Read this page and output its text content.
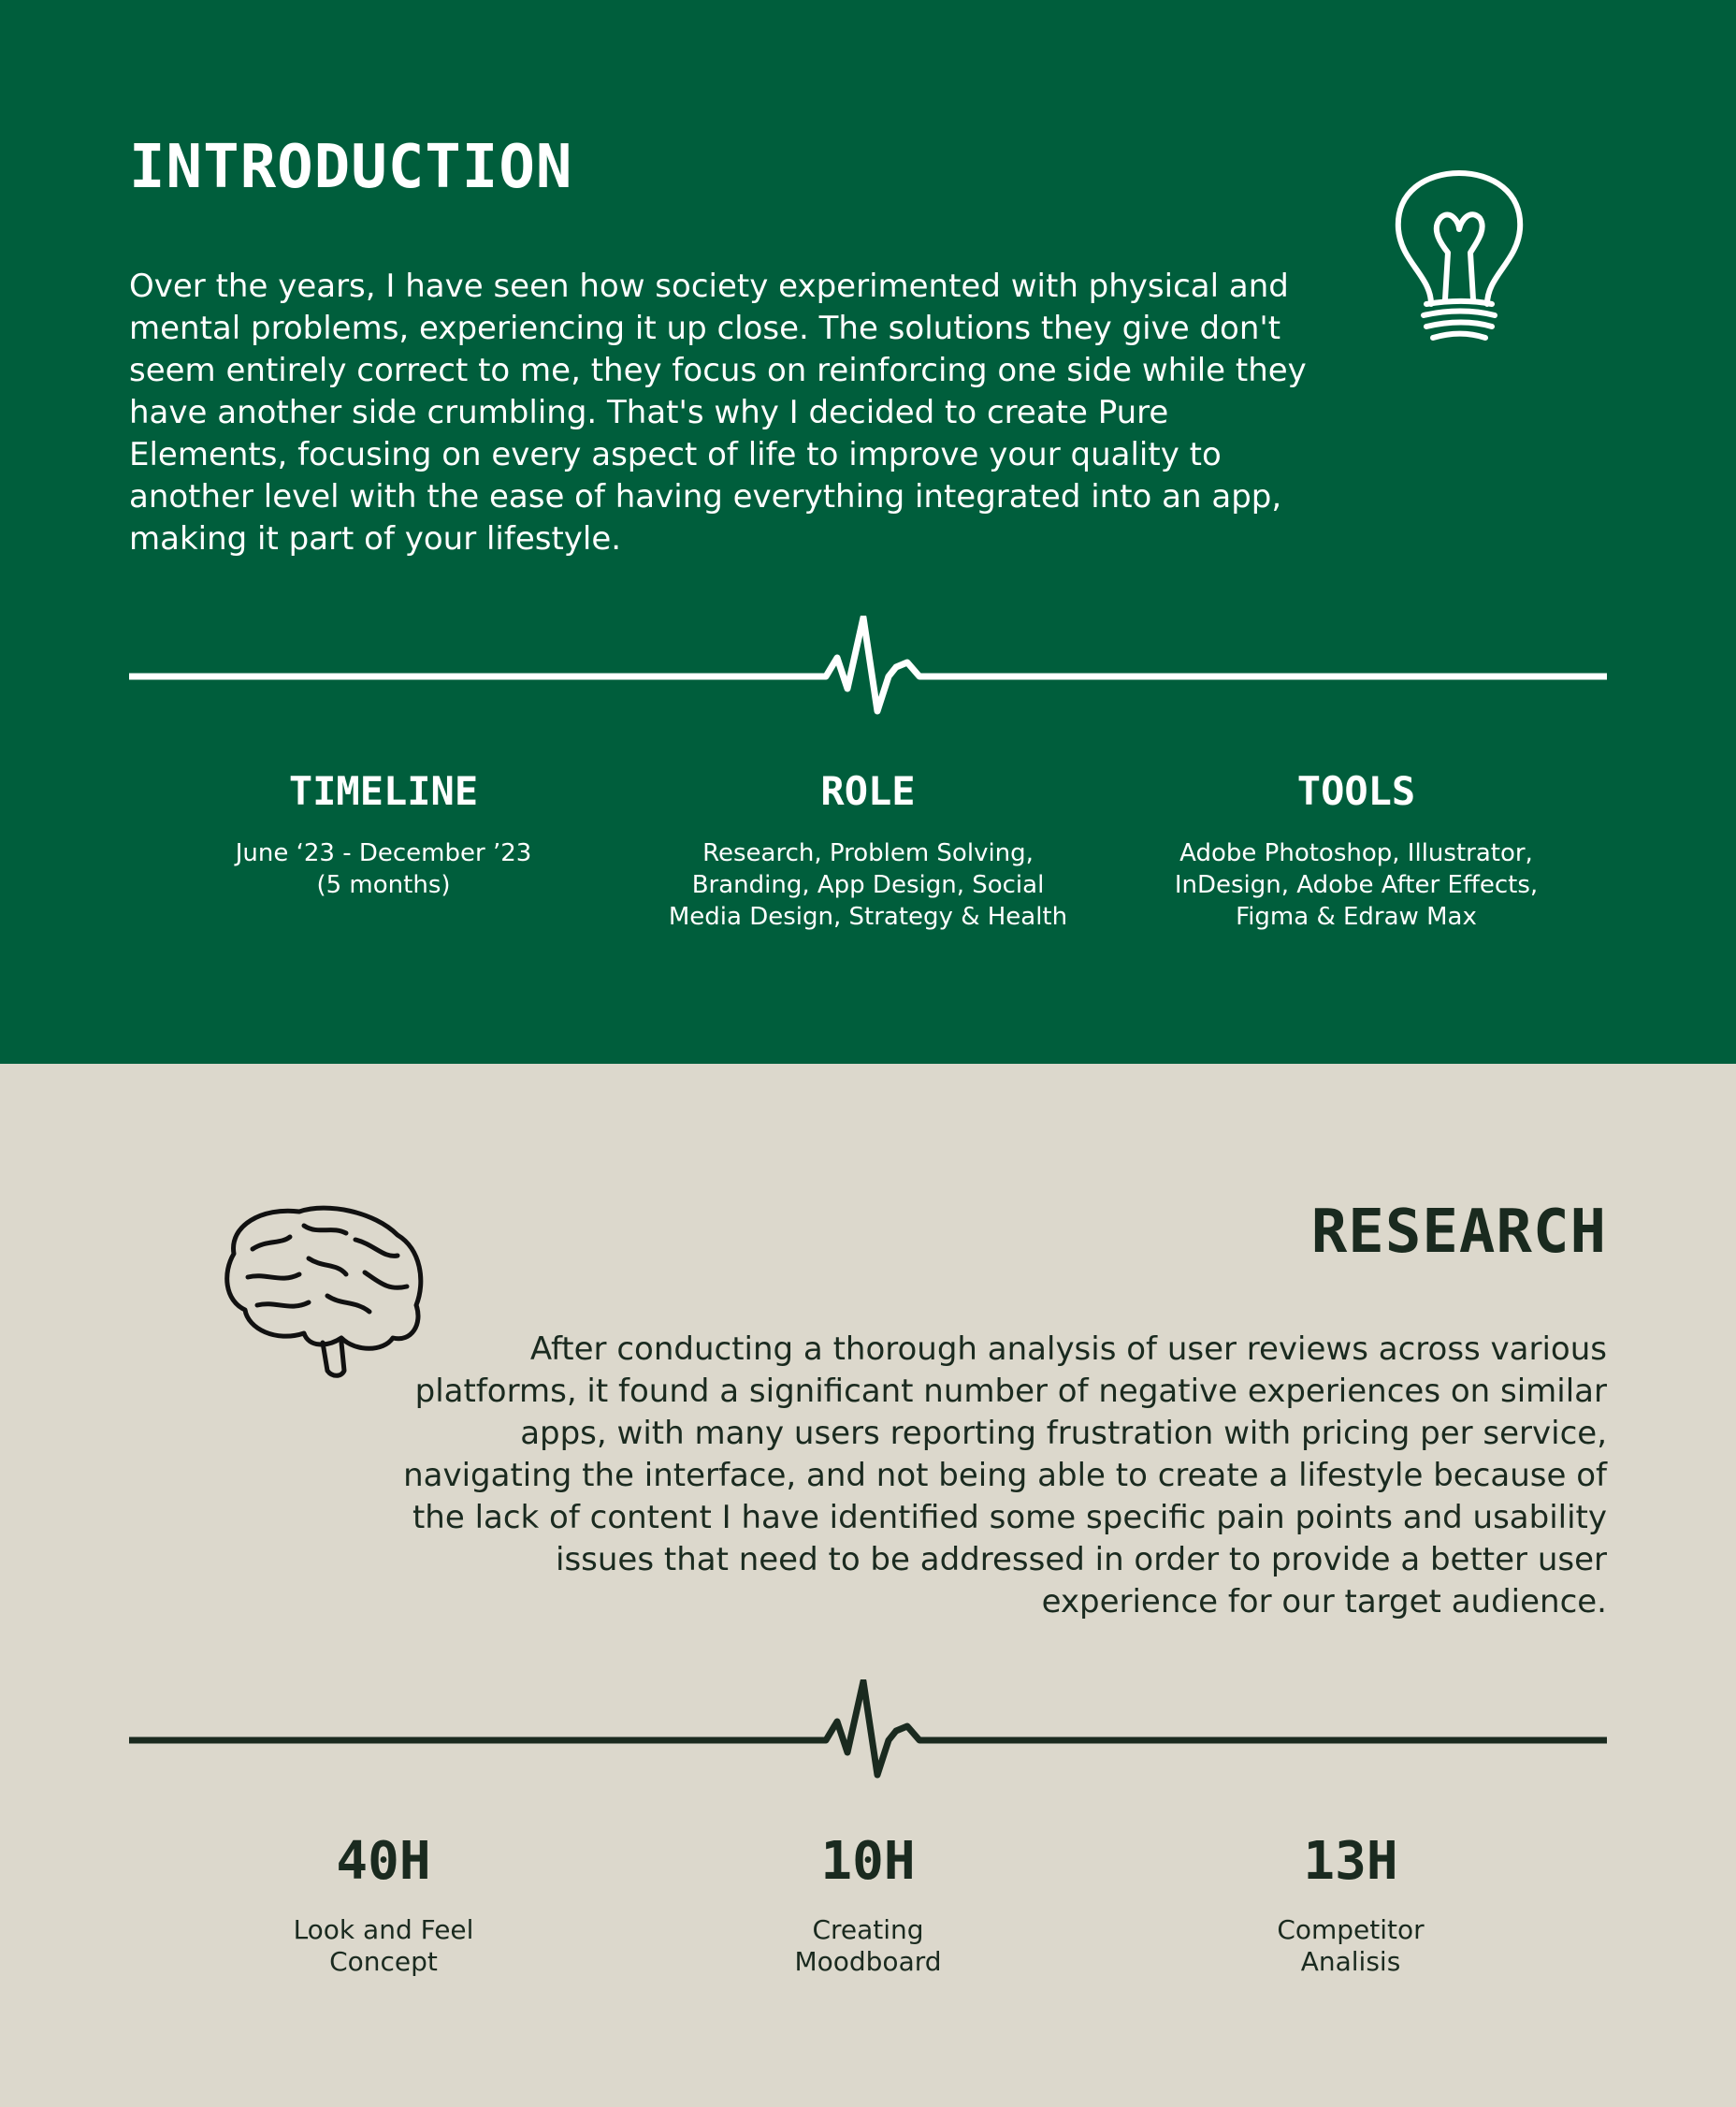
INTRODUCTION

Over the years, I have seen how society experimented with physical and mental problems, experiencing it up close. The solutions they give don't seem entirely correct to me, they focus on reinforcing one side while they have another side crumbling. That's why I decided to create Pure Elements, focusing on every aspect of life to improve your quality to another level with the ease of having everything integrated into an app, making it part of your lifestyle.

TIMELINE
June ‘23 - December ’23
(5 months)
ROLE
Research, Problem Solving,
Branding, App Design, Social
Media Design, Strategy & Health
TOOLS
Adobe Photoshop, Illustrator,
InDesign, Adobe After Effects,
Figma & Edraw Max
RESEARCH

After conducting a thorough analysis of user reviews across various platforms, it found a significant number of negative experiences on similar apps, with many users reporting frustration with pricing per service, navigating the interface, and not being able to create a lifestyle because of the lack of content I have identified some specific pain points and usability issues that need to be addressed in order to provide a better user experience for our target audience.

40H
Look and Feel
Concept
10H
Creating
Moodboard
13H
Competitor
Analisis
